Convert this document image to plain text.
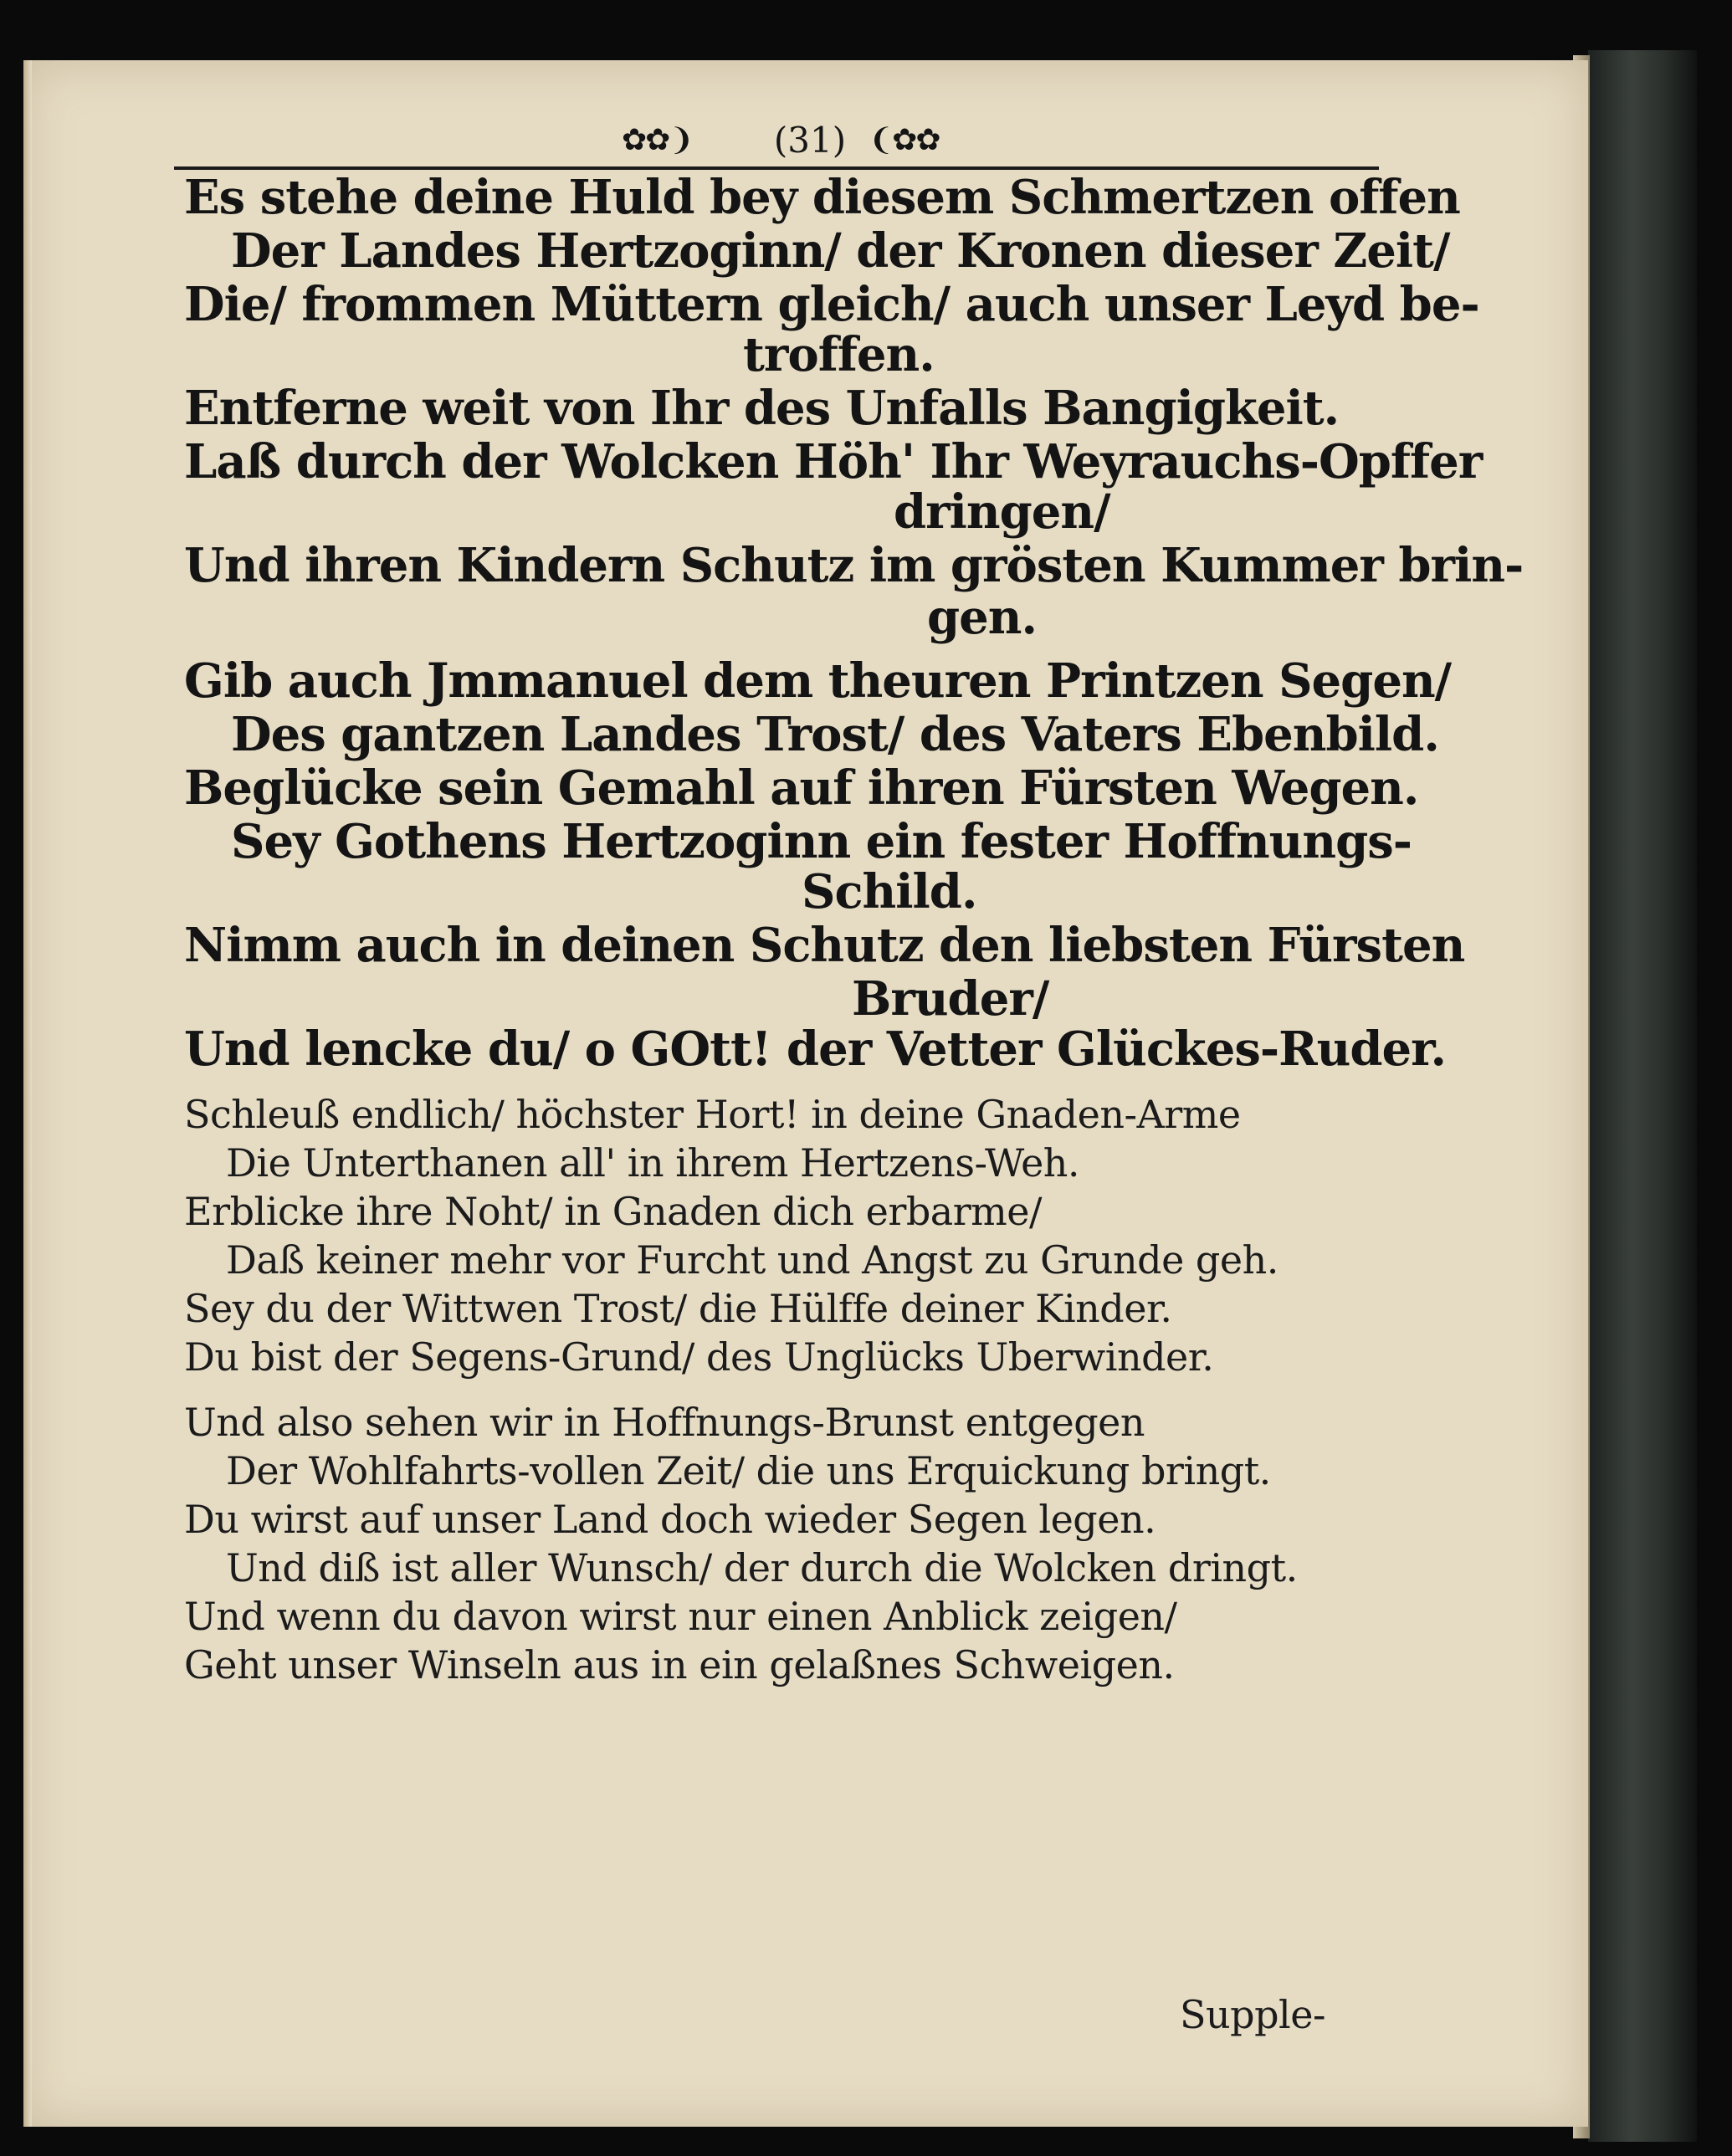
✿✿❩	(31) ❨✿✿
Es stehe deine Huld bey diesem Schmertzen offen
Der Landes Hertzoginn/ der Kronen dieser Zeit/
Die/ frommen Müttern gleich/ auch unser Leyd be-
troffen.
Entferne weit von Ihr des Unfalls Bangigkeit.
Laß durch der Wolcken Höh' Ihr Weyrauchs-Opffer
dringen/
Und ihren Kindern Schutz im grösten Kummer brin-
gen.
Gib auch Jmmanuel dem theuren Printzen Segen/
Des gantzen Landes Trost/ des Vaters Ebenbild.
Beglücke sein Gemahl auf ihren Fürsten Wegen.
Sey Gothens Hertzoginn ein fester Hoffnungs-
Schild.
Nimm auch in deinen Schutz den liebsten Fürsten
Bruder/
Und lencke du/ o GOtt! der Vetter Glückes-Ruder.
Schleuß endlich/ höchster Hort! in deine Gnaden-Arme
Die Unterthanen all' in ihrem Hertzens-Weh.
Erblicke ihre Noht/ in Gnaden dich erbarme/
Daß keiner mehr vor Furcht und Angst zu Grunde geh.
Sey du der Wittwen Trost/ die Hülffe deiner Kinder.
Du bist der Segens-Grund/ des Unglücks Uberwinder.
Und also sehen wir in Hoffnungs-Brunst entgegen
Der Wohlfahrts-vollen Zeit/ die uns Erquickung bringt.
Du wirst auf unser Land doch wieder Segen legen.
Und diß ist aller Wunsch/ der durch die Wolcken dringt.
Und wenn du davon wirst nur einen Anblick zeigen/
Geht unser Winseln aus in ein gelaßnes Schweigen.
Supple-
